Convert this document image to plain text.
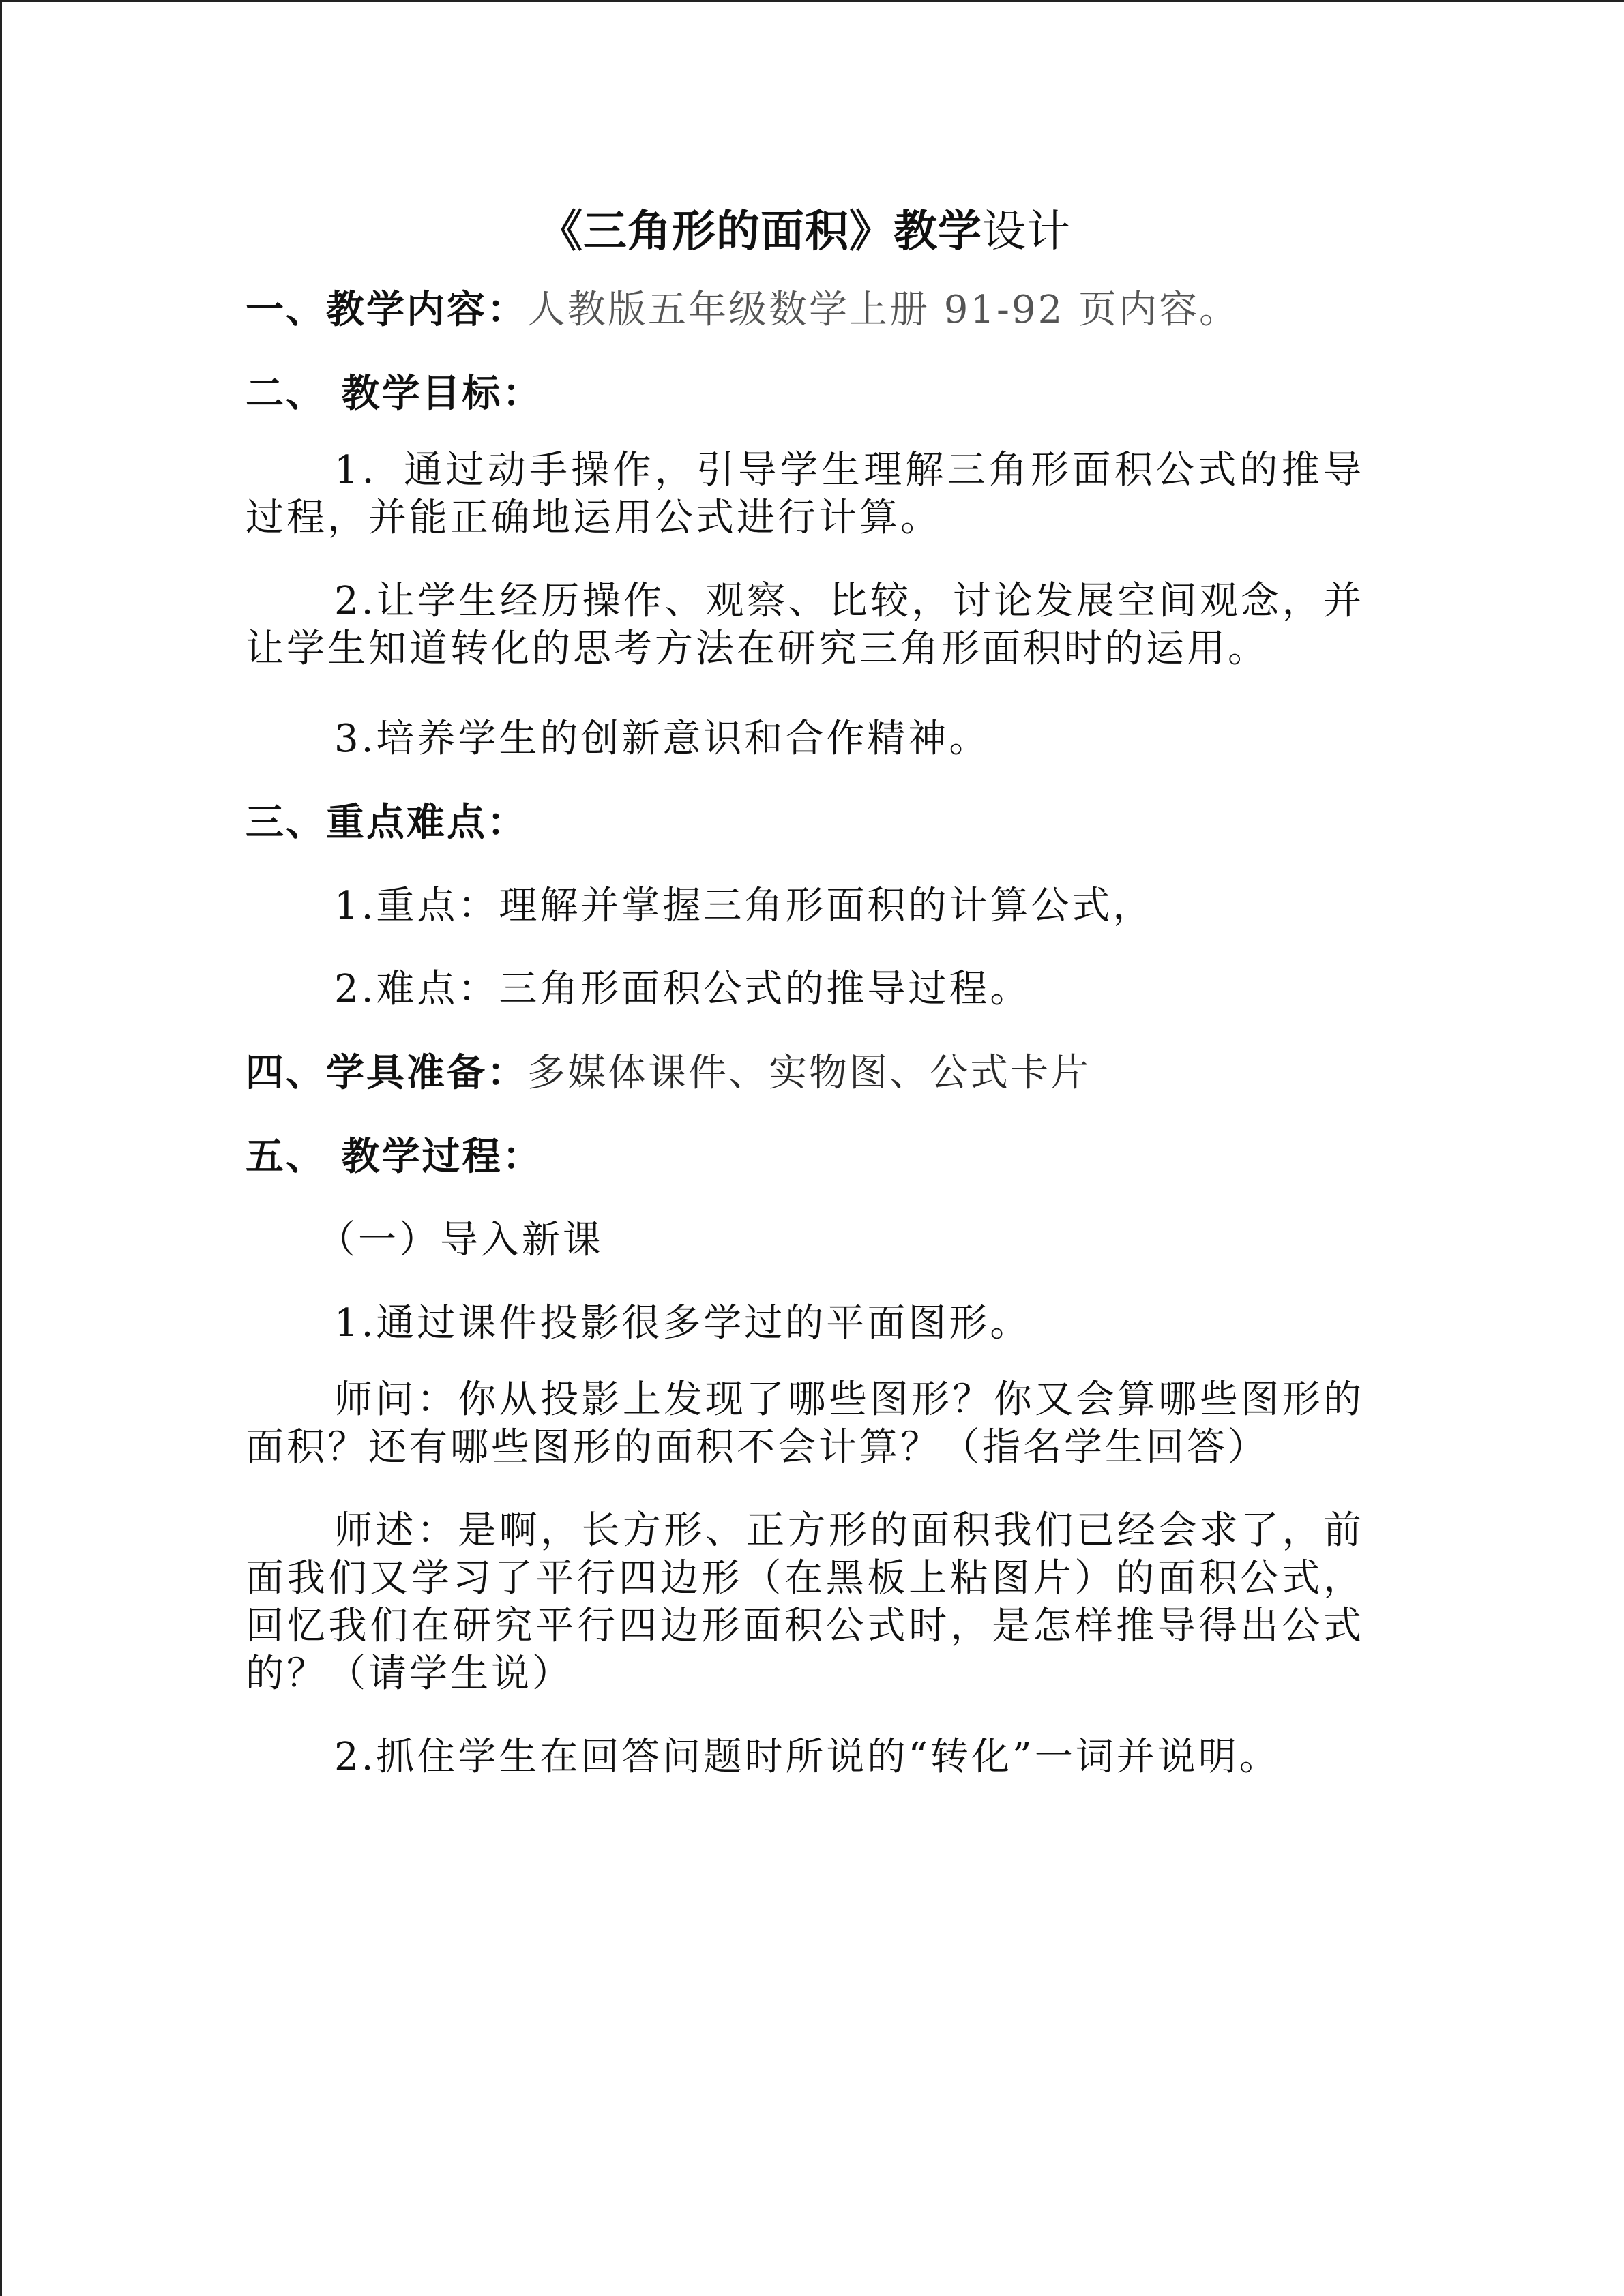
《三角形的面积》教学设计
一、教学内容：人教版五年级数学上册 91-92 页内容。
二、 教学目标：

1．通过动手操作，引导学生理解三角形面积公式的推导过程，并能正确地运用公式进行计算。

2.让学生经历操作、观察、比较，讨论发展空间观念，并让学生知道转化的思考方法在研究三角形面积时的运用。

3.培养学生的创新意识和合作精神。

三、重点难点：

1.重点：理解并掌握三角形面积的计算公式，

2.难点：三角形面积公式的推导过程。

四、学具准备：多媒体课件、实物图、公式卡片
五、 教学过程：
（一）导入新课

1.通过课件投影很多学过的平面图形。

师问：你从投影上发现了哪些图形？你又会算哪些图形的面积？还有哪些图形的面积不会计算？（指名学生回答）

师述：是啊，长方形、正方形的面积我们已经会求了，前面我们又学习了平行四边形（在黑板上粘图片）的面积公式，回忆我们在研究平行四边形面积公式时，是怎样推导得出公式的？（请学生说）

2.抓住学生在回答问题时所说的“转化”一词并说明。
